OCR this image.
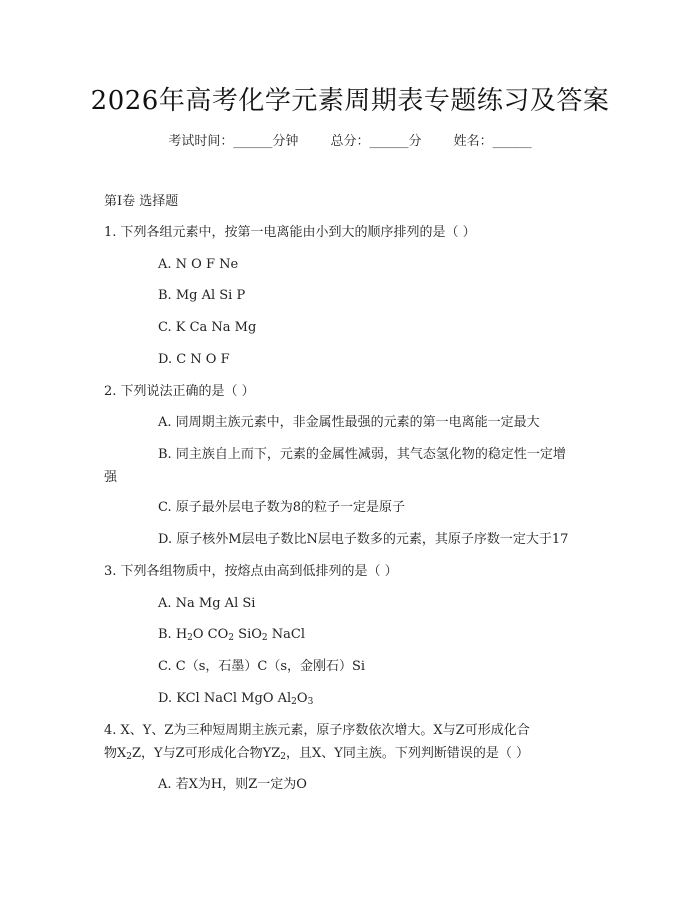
2026年高考化学元素周期表专题练习及答案
考试时间：______分钟 总分：______分 姓名：______
第Ⅰ卷 选择题
1. 下列各组元素中，按第一电离能由小到大的顺序排列的是（ ）
A. N O F Ne
B. Mg Al Si P
C. K Ca Na Mg
D. C N O F
2. 下列说法正确的是（ ）
A. 同周期主族元素中，非金属性最强的元素的第一电离能一定最大
B. 同主族自上而下，元素的金属性减弱，其气态氢化物的稳定性一定增
强
C. 原子最外层电子数为8的粒子一定是原子
D. 原子核外M层电子数比N层电子数多的元素，其原子序数一定大于17
3. 下列各组物质中，按熔点由高到低排列的是（ ）
A. Na Mg Al Si
B. $H_2O$ $CO_2$ SiO$_2$ NaCl
C. C（s，石墨）C（s，金刚石）Si
D. KCl NaCl MgO $Al_2O_3$
4. X、Y、Z为三种短周期主族元素，原子序数依次增大。X与Z可形成化合
物$X_2Z$，Y与Z可形成化合物$YZ_2$，且X、Y同主族。下列判断错误的是（ ）
A. 若X为H，则Z一定为O
